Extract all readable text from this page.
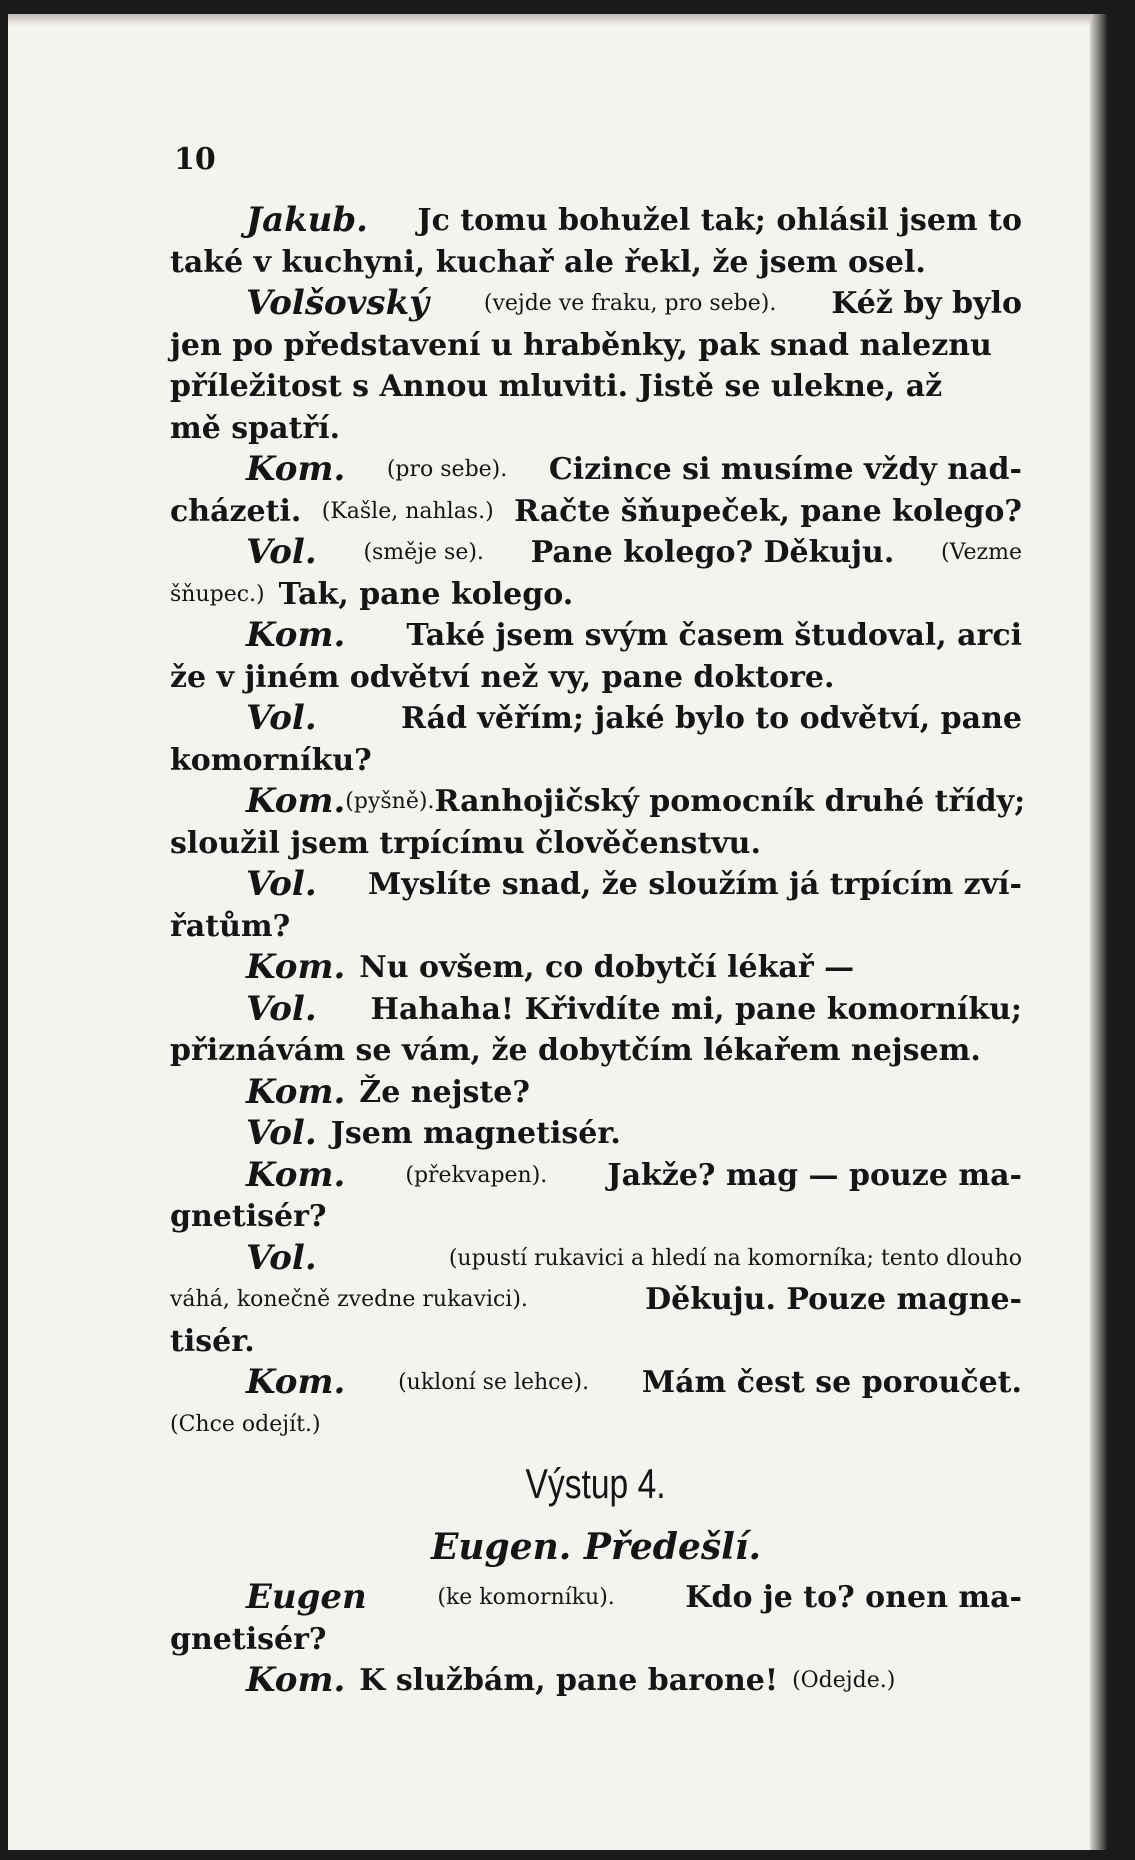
10
Jakub. Jc tomu bohužel tak; ohlásil jsem to
také v kuchyni, kuchař ale řekl, že jsem osel.
Volšovský (vejde ve fraku, pro sebe). Kéž by bylo
jen po představení u hraběnky, pak snad naleznu
příležitost s Annou mluviti. Jistě se ulekne, až
mě spatří.
Kom. (pro sebe). Cizince si musíme vždy nad-
cházeti. (Kašle, nahlas.) Račte šňupeček, pane kolego?
Vol. (směje se). Pane kolego? Děkuju. (Vezme
šňupec.) Tak, pane kolego.
Kom. Také jsem svým časem študoval, arci
že v jiném odvětví než vy, pane doktore.
Vol.	Rád věřím; jaké bylo to odvětví, pane
komorníku?
Kom. (pyšně). Ranhojičský pomocník druhé třídy;
sloužil jsem trpícímu člověčenstvu.
Vol. Myslíte snad, že sloužím já trpícím zví-
řatům?
Kom. Nu ovšem, co dobytčí lékař —
Vol. Hahaha! Křivdíte mi, pane komorníku;
přiznávám se vám, že dobytčím lékařem nejsem.
Kom. Že nejste?
Vol. Jsem magnetisér.
Kom.	(překvapen). Jakže? mag — pouze ma-
gnetisér?
Vol.	(upustí rukavici a hledí na komorníka; tento dlouho
váhá, konečně zvedne rukavici).	Děkuju. Pouze magne-
tisér.
Kom. (ukloní se lehce). Mám čest se poroučet.
(Chce odejít.)
Výstup 4.
Eugen. Předešlí.
Eugen	(ke komorníku). Kdo je to? onen ma-
gnetisér?
Kom. K službám, pane barone! (Odejde.)
